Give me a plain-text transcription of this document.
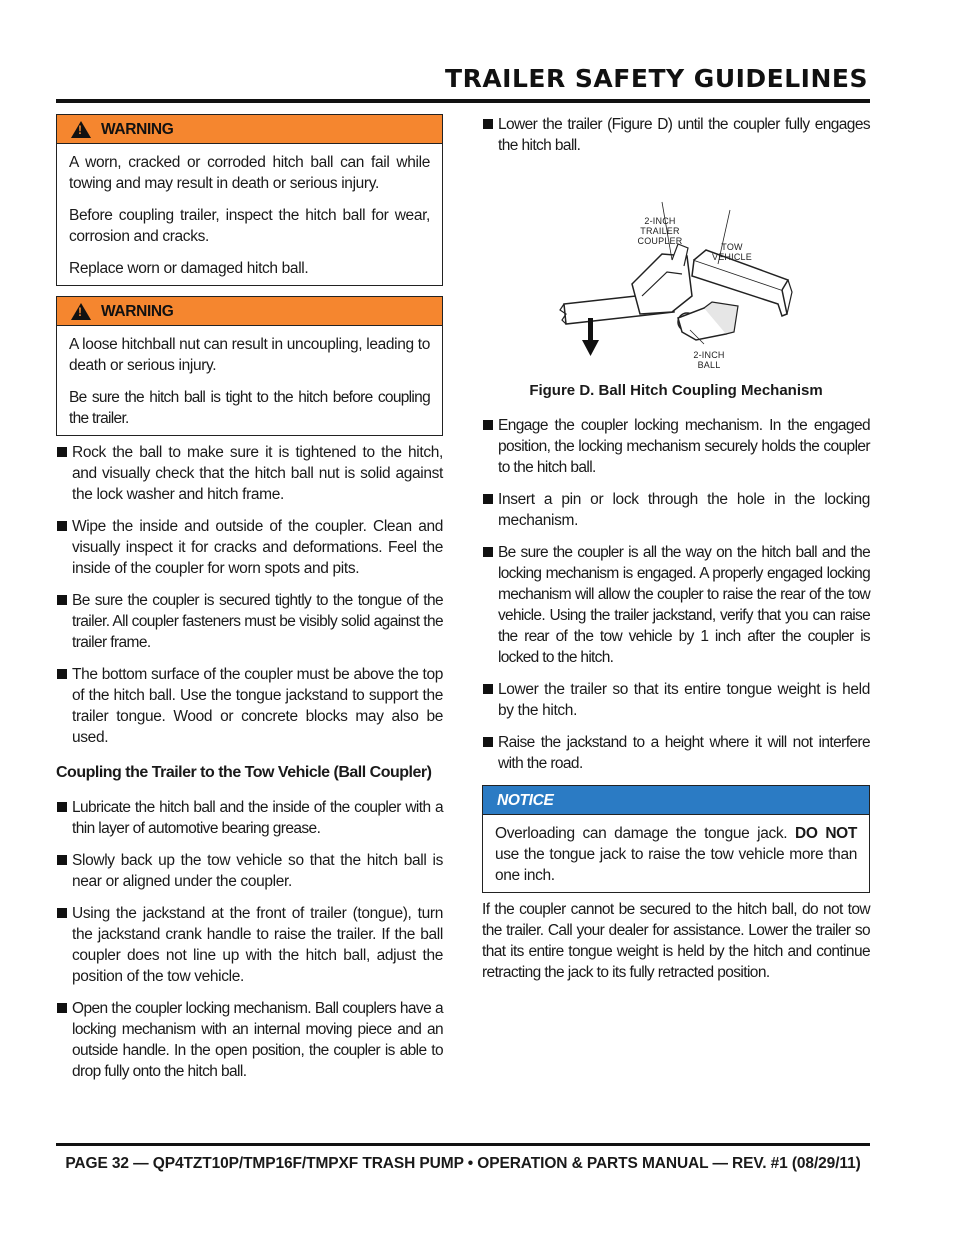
TRAILER SAFETY GUIDELINES
!
WARNING

A worn, cracked or corroded hitch ball can fail while towing and may result in death or serious injury.

Before coupling trailer, inspect the hitch ball for wear, corrosion and cracks.

Replace worn or damaged hitch ball.

!
WARNING

A loose hitchball nut can result in uncoupling, leading to death or serious injury.

Be sure the hitch ball is tight to the hitch before coupling the trailer.

Rock the ball to make sure it is tightened to the hitch, and visually check that the hitch ball nut is solid against the lock washer and hitch frame.
Wipe the inside and outside of the coupler. Clean and visually inspect it for cracks and deformations. Feel the inside of the coupler for worn spots and pits.
Be sure the coupler is secured tightly to the tongue of the trailer. All coupler fasteners must be visibly solid against the trailer frame.
The bottom surface of the coupler must be above the top of the hitch ball. Use the tongue jackstand to support the trailer tongue. Wood or concrete blocks may also be used.
Coupling the Trailer to the Tow Vehicle (Ball Coupler)
Lubricate the hitch ball and the inside of the coupler with a thin layer of automotive bearing grease.
Slowly back up the tow vehicle so that the hitch ball is near or aligned under the coupler.
Using the jackstand at the front of trailer (tongue), turn the jackstand crank handle to raise the trailer. If the ball coupler does not line up with the hitch ball, adjust the position of the tow vehicle.
Open the coupler locking mechanism. Ball couplers have a locking mechanism with an internal moving piece and an outside handle. In the open position, the coupler is able to drop fully onto the hitch ball.
Lower the trailer (Figure D) until the coupler fully engages the hitch ball.
2-INCH
TRAILER
COUPLER
TOW
VEHICLE
2-INCH
BALL
Figure D. Ball Hitch Coupling Mechanism
Engage the coupler locking mechanism. In the engaged position, the locking mechanism securely holds the coupler to the hitch ball.
Insert a pin or lock through the hole in the locking mechanism.
Be sure the coupler is all the way on the hitch ball and the locking mechanism is engaged. A properly engaged locking mechanism will allow the coupler to raise the rear of the tow vehicle. Using the trailer jackstand, verify that you can raise the rear of the tow vehicle by 1 inch after the coupler is locked to the hitch.
Lower the trailer so that its entire tongue weight is held by the hitch.
Raise the jackstand to a height where it will not interfere with the road.
NOTICE

Overloading can damage the tongue jack. DO NOT use the tongue jack to raise the tow vehicle more than one inch.

If the coupler cannot be secured to the hitch ball, do not tow the trailer. Call your dealer for assistance. Lower the trailer so that its entire tongue weight is held by the hitch and continue retracting the jack to its fully retracted position.

PAGE 32 — QP4TZT10P/TMP16F/TMPXF TRASH PUMP • OPERATION & PARTS MANUAL — REV. #1 (08/29/11)
